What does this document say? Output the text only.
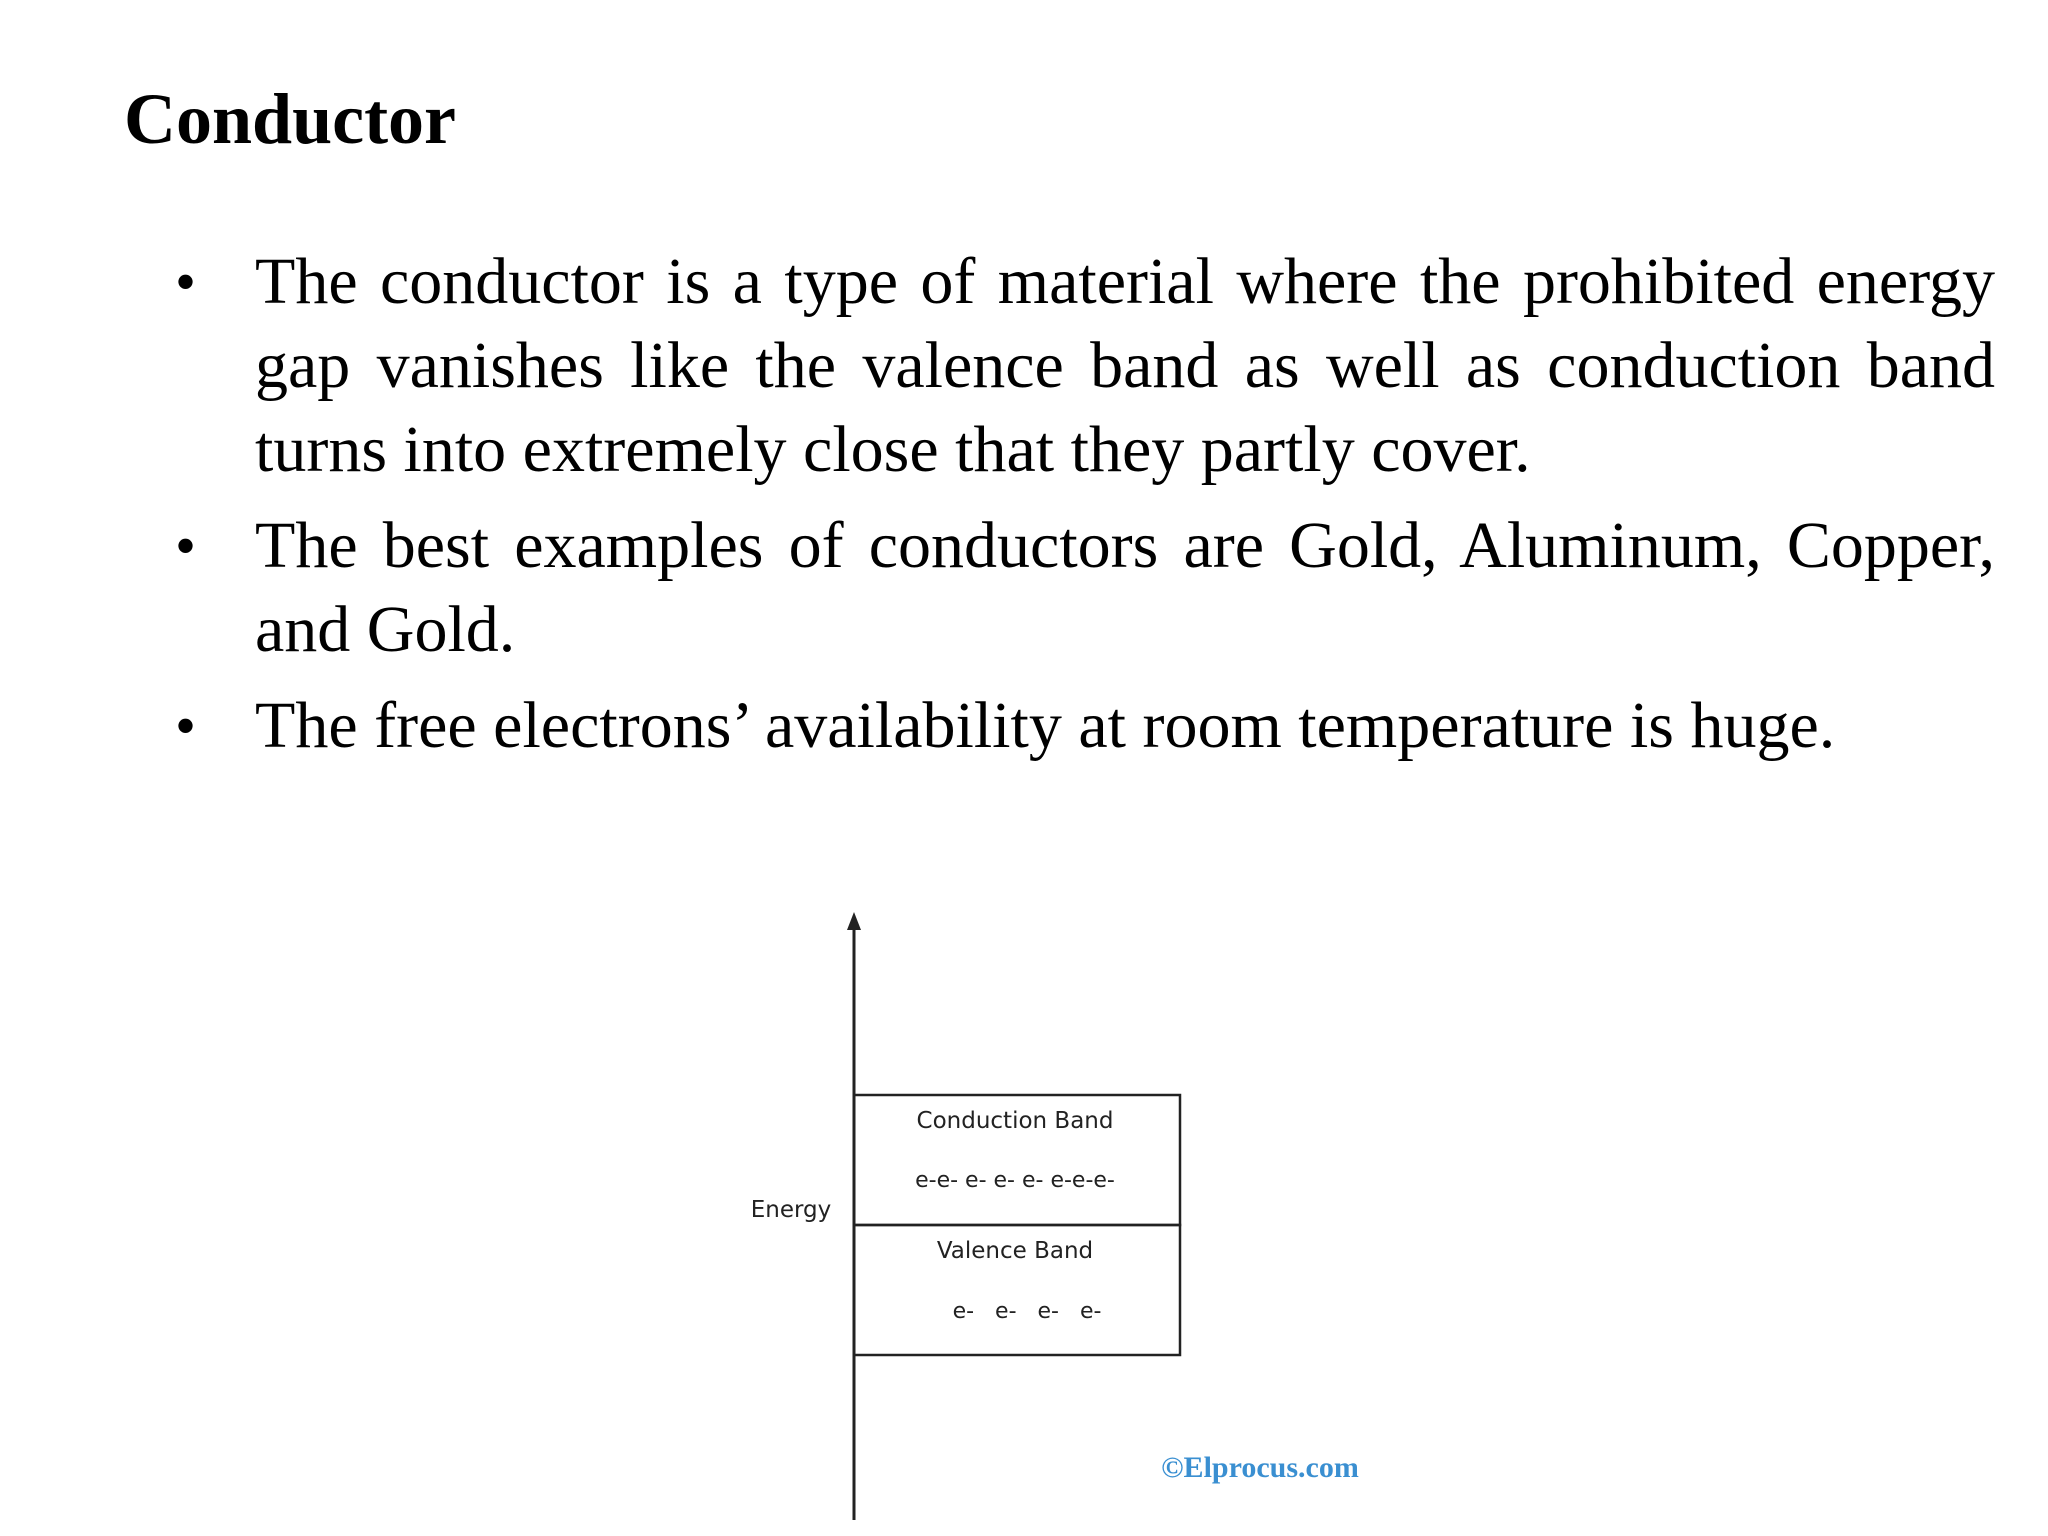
Conductor
• The conductor is a type of material where the prohibited energy gap vanishes like the valence band as well as conduction band turns into extremely close that they partly cover.
• The best examples of conductors are Gold, Aluminum, Copper, and Gold.
• The free electrons’ availability at room temperature is huge.
Energy
Conduction Band
e-e- e- e- e- e-e-e-
Valence Band
e-   e-   e-   e-
©Elprocus.com
